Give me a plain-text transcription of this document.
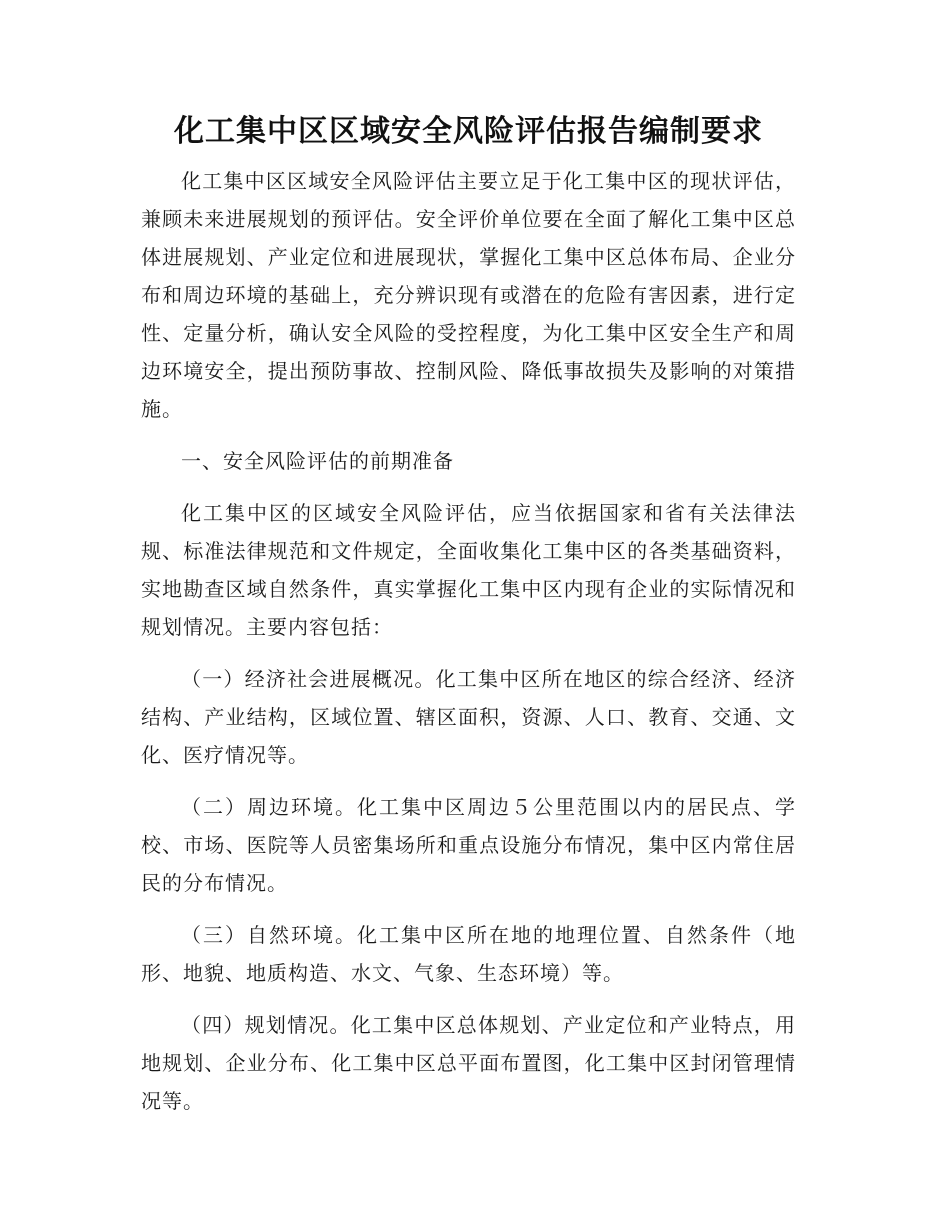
化工集中区区域安全风险评估报告编制要求

化工集中区区域安全风险评估主要立足于化工集中区的现状评估，兼顾未来进展规划的预评估。安全评价单位要在全面了解化工集中区总体进展规划、产业定位和进展现状，掌握化工集中区总体布局、企业分布和周边环境的基础上，充分辨识现有或潜在的危险有害因素，进行定性、定量分析，确认安全风险的受控程度，为化工集中区安全生产和周边环境安全，提出预防事故、控制风险、降低事故损失及影响的对策措施。

一、安全风险评估的前期准备

化工集中区的区域安全风险评估，应当依据国家和省有关法律法规、标准法律规范和文件规定，全面收集化工集中区的各类基础资料，实地勘查区域自然条件，真实掌握化工集中区内现有企业的实际情况和规划情况。主要内容包括：

（一）经济社会进展概况。化工集中区所在地区的综合经济、经济结构、产业结构，区域位置、辖区面积，资源、人口、教育、交通、文化、医疗情况等。

（二）周边环境。化工集中区周边５公里范围以内的居民点、学校、市场、医院等人员密集场所和重点设施分布情况，集中区内常住居民的分布情况。

（三）自然环境。化工集中区所在地的地理位置、自然条件（地形、地貌、地质构造、水文、气象、生态环境）等。

（四）规划情况。化工集中区总体规划、产业定位和产业特点，用地规划、企业分布、化工集中区总平面布置图，化工集中区封闭管理情况等。
